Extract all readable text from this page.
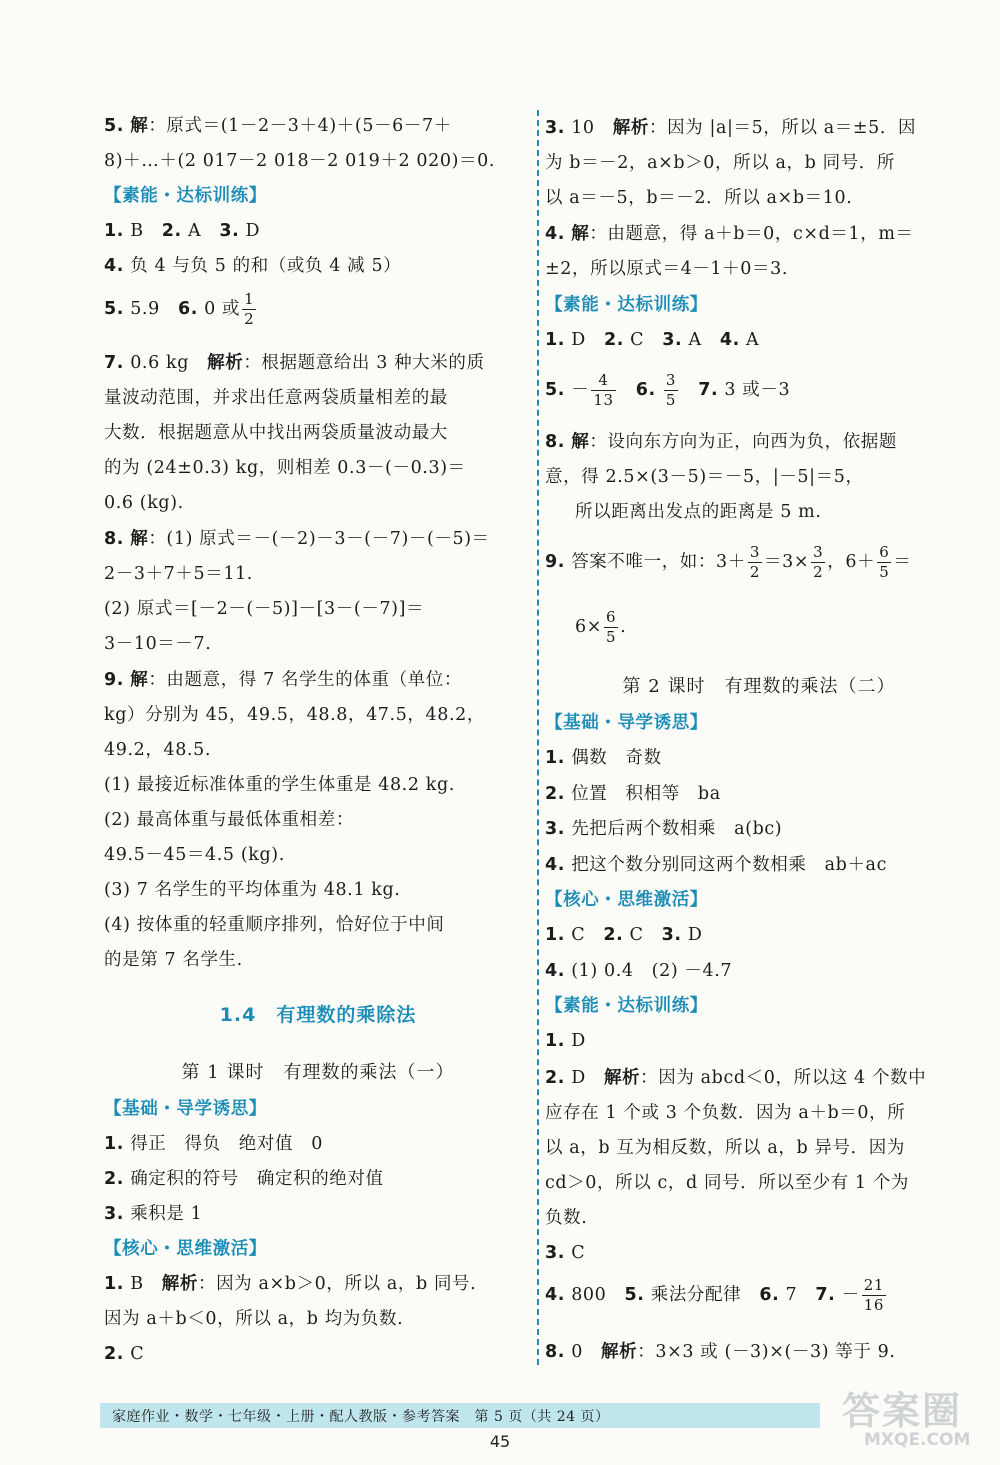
5. 解：原式＝(1－2－3＋4)＋(5－6－7＋
8)＋…＋(2 017－2 018－2 019＋2 020)＝0.
【素能・达标训练】
1. B　 2. A　 3. D
4. 负 4 与负 5 的和（或负 4 减 5）
5. 5.9　 6. 0 或 $\frac{1}{2}$
7. 0.6 kg　 解析：根据题意给出 3 种大米的质
量波动范围，并求出任意两袋质量相差的最
大数．根据题意从中找出两袋质量波动最大
的为 (24±0.3) kg，则相差 0.3－(－0.3)＝
0.6 (kg).
8. 解：(1) 原式＝－(－2)－3－(－7)－(－5)＝
2－3＋7＋5＝11.
(2) 原式＝[－2－(－5)]－[3－(－7)]＝
3－10＝－7.
9. 解：由题意，得 7 名学生的体重（单位：
kg）分别为 45，49.5，48.8，47.5，48.2，
49.2，48.5.
(1) 最接近标准体重的学生体重是 48.2 kg.
(2) 最高体重与最低体重相差：
49.5－45＝4.5 (kg).
(3) 7 名学生的平均体重为 48.1 kg.
(4) 按体重的轻重顺序排列，恰好位于中间
的是第 7 名学生.
1.4　有理数的乘除法
第 1 课时　有理数的乘法（一）
【基础・导学诱思】
1. 得正　得负　绝对值　0
2. 确定积的符号　确定积的绝对值
3. 乘积是 1
【核心・思维激活】
1. B　 解析：因为 a×b＞0，所以 a，b 同号.
因为 a＋b＜0，所以 a，b 均为负数.
2. C
3. 10　 解析：因为 |a|＝5，所以 a＝±5．因
为 b＝－2，a×b＞0，所以 a，b 同号．所
以 a＝－5，b＝－2．所以 a×b＝10.
4. 解：由题意，得 a＋b＝0，c×d＝1，m＝
±2，所以原式＝4－1＋0＝3.
【素能・达标训练】
1. D　 2. C　 3. A　 4. A
5. － $\frac{4}{13}$
　 6. $\frac{3}{5}$
　 7. 3 或－3
8. 解：设向东方向为正，向西为负，依据题
意，得 2.5×(3－5)＝－5，|－5|＝5，
所以距离出发点的距离是 5 m.
9. 答案不唯一，如：$3+ \frac{3}{2} =3\times \frac{3}{2}$ ，$6+ \frac{6}{5}$ ＝
$6\times \frac{6}{5}$ .
第 2 课时　有理数的乘法（二）
【基础・导学诱思】
1. 偶数　奇数
2. 位置　积相等　ba
3. 先把后两个数相乘　a(bc)
4. 把这个数分别同这两个数相乘　ab＋ac
【核心・思维激活】
1. C　 2. C　 3. D
4. (1) 0.4　(2) －4.7
【素能・达标训练】
1. D
2. D　 解析：因为 abcd＜0，所以这 4 个数中
应存在 1 个或 3 个负数．因为 a＋b＝0，所
以 a，b 互为相反数，所以 a，b 异号．因为
cd＞0，所以 c，d 同号．所以至少有 1 个为
负数.
3. C
4. 800　 5. 乘法分配律　 6. 7　 7. － $\frac{21}{16}$
8. 0　 解析：3×3 或 (－3)×(－3) 等于 9.
家庭作业・数学・七年级・上册・配人教版・参考答案　第 5 页（共 24 页）
45
答案圈
MXQE.COM
